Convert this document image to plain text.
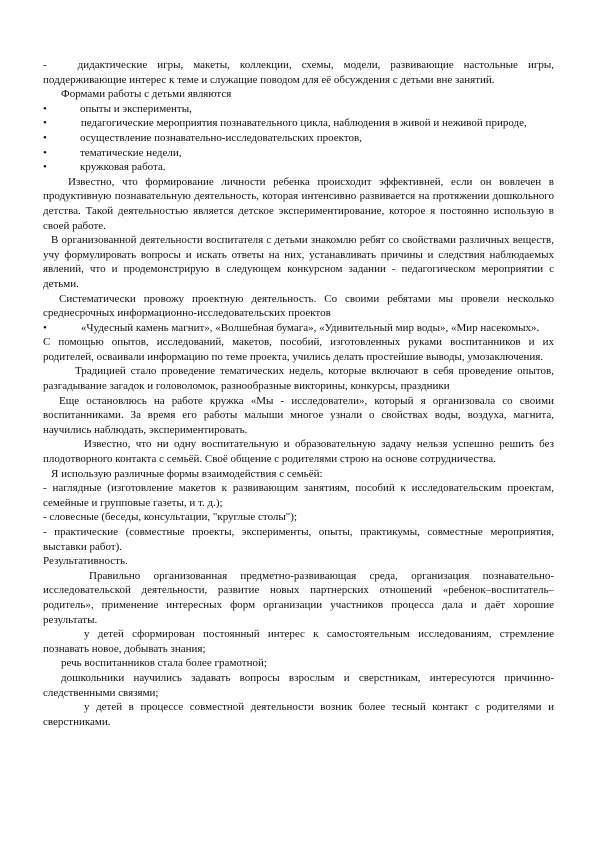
-	дидактические игры, макеты, коллекции, схемы, модели, развивающие настольные игры, поддерживающие интерес к теме и служащие поводом для её обсуждения с детьми вне занятий.

Формами работы с детьми являются

•	опыты и эксперименты,

•	педагогические мероприятия познавательного цикла, наблюдения в живой и неживой природе,

•	осуществление познавательно-исследовательских проектов,
•	тематические недели,
•	кружковая работа.

Известно, что формирование личности ребенка происходит эффективней, если он вовлечен в продуктивную познавательную деятельность, которая интенсивно развивается на протяжении дошкольного детства. Такой деятельностью является детское экспериментирование, которое я постоянно использую в своей работе.

В организованной деятельности воспитателя с детьми знакомлю ребят со свойствами различных веществ, учу формулировать вопросы и искать ответы на них, устанавливать причины и следствия наблюдаемых явлений, что и продемонстрирую в следующем конкурсном задании - педагогическом мероприятии с детьми.

Систематически провожу проектную деятельность. Со своими ребятами мы провели несколько среднесрочных информационно-исследовательских проектов

•	«Чудесный камень магнит», «Волшебная бумага», «Удивительный мир воды», «Мир насекомых».

С помощью опытов, исследований, макетов, пособий, изготовленных руками воспитанников и их родителей, осваивали информацию по теме проекта, учились делать простейшие выводы, умозаключения.

Традицией стало проведение тематических недель, которые включают в себя проведение опытов, разгадывание загадок и головоломок, разнообразные викторины, конкурсы, праздники

Еще остановлюсь на работе кружка «Мы - исследователи», который я организовала со своими воспитанниками. За время его работы малыши многое узнали о свойствах воды, воздуха, магнита, научились наблюдать, экспериментировать.

Известно, что ни одну воспитательную и образовательную задачу нельзя успешно решить без плодотворного контакта с семьёй. Своё общение с родителями строю на основе сотрудничества.

Я использую различные формы взаимодействия с семьёй:

- наглядные (изготовление макетов к развивающим занятиям, пособий к исследовательским проектам, семейные и групповые газеты, и т. д.);

- словесные (беседы, консультации, "круглые столы");

- практические (совместные проекты, эксперименты, опыты, практикумы, совместные мероприятия, выставки работ).

Результативность.

Правильно организованная предметно-развивающая среда, организация познавательно-исследовательской деятельности, развитие новых партнерских отношений «ребенок–воспитатель–родитель», применение интересных форм организации участников процесса дала и даёт хорошие результаты.

у детей сформирован постоянный интерес к самостоятельным исследованиям, стремление познавать новое, добывать знания;

речь воспитанников стала более грамотной;

дошкольники научились задавать вопросы взрослым и сверстникам, интересуются причинно-следственными связями;

у детей в процессе совместной деятельности возник более тесный контакт с родителями и сверстниками.
